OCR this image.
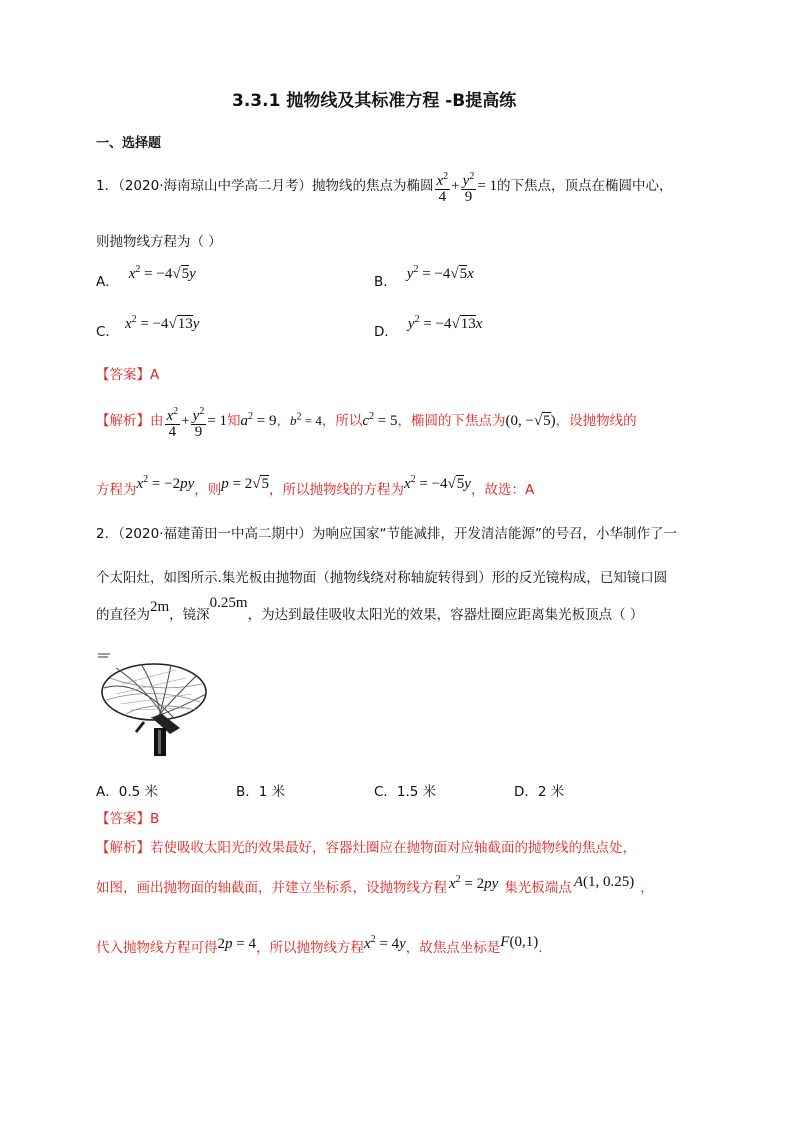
3.3.1 抛物线及其标准方程 -B提高练
一、选择题
1．（2020·海南琼山中学高二月考）抛物线的焦点为椭圆 $\frac{x^2}{4} + \frac{y^2}{9} = 1$的下焦点，顶点在椭圆中心，
则抛物线方程为（ ）
A． $x^2 = -4√5y$	B． $y^2 = -4√5x$
C． $x^2 = -4√13y$	D． $y^2 = -4√13x$
【答案】A
【解析】由 $\frac{x^2}{4} + \frac{y^2}{9} = 1$知$a^2 = 9$，$b^2 = 4$，所以$c^2 = 5$，椭圆的下焦点为(0, −√5)，设抛物线的
方程为$x^2 = -2py$，则p = 2√5，所以抛物线的方程为$x^2 = -4√5y$，故选：A
2．（2020·福建莆田一中高二期中）为响应国家“节能减排，开发清洁能源”的号召，小华制作了一
个太阳灶，如图所示.集光板由抛物面（抛物线绕对称轴旋转得到）形的反光镜构成，已知镜口圆
的直径为2m，镜深0.25m，为达到最佳吸收太阳光的效果，容器灶圈应距离集光板顶点（ ）
A．0.5 米	B．1 米	C．1.5 米	D．2 米
【答案】B
【解析】若使吸收太阳光的效果最好，容器灶圈应在抛物面对应轴截面的抛物线的焦点处，
如图，画出抛物面的轴截面，并建立坐标系，设抛物线方程 $x^2 = 2py$ 集光板端点 A(1, 0.25) ，
代入抛物线方程可得2p = 4，所以抛物线方程$x^2 = 4y$，故焦点坐标是F(0,1).
